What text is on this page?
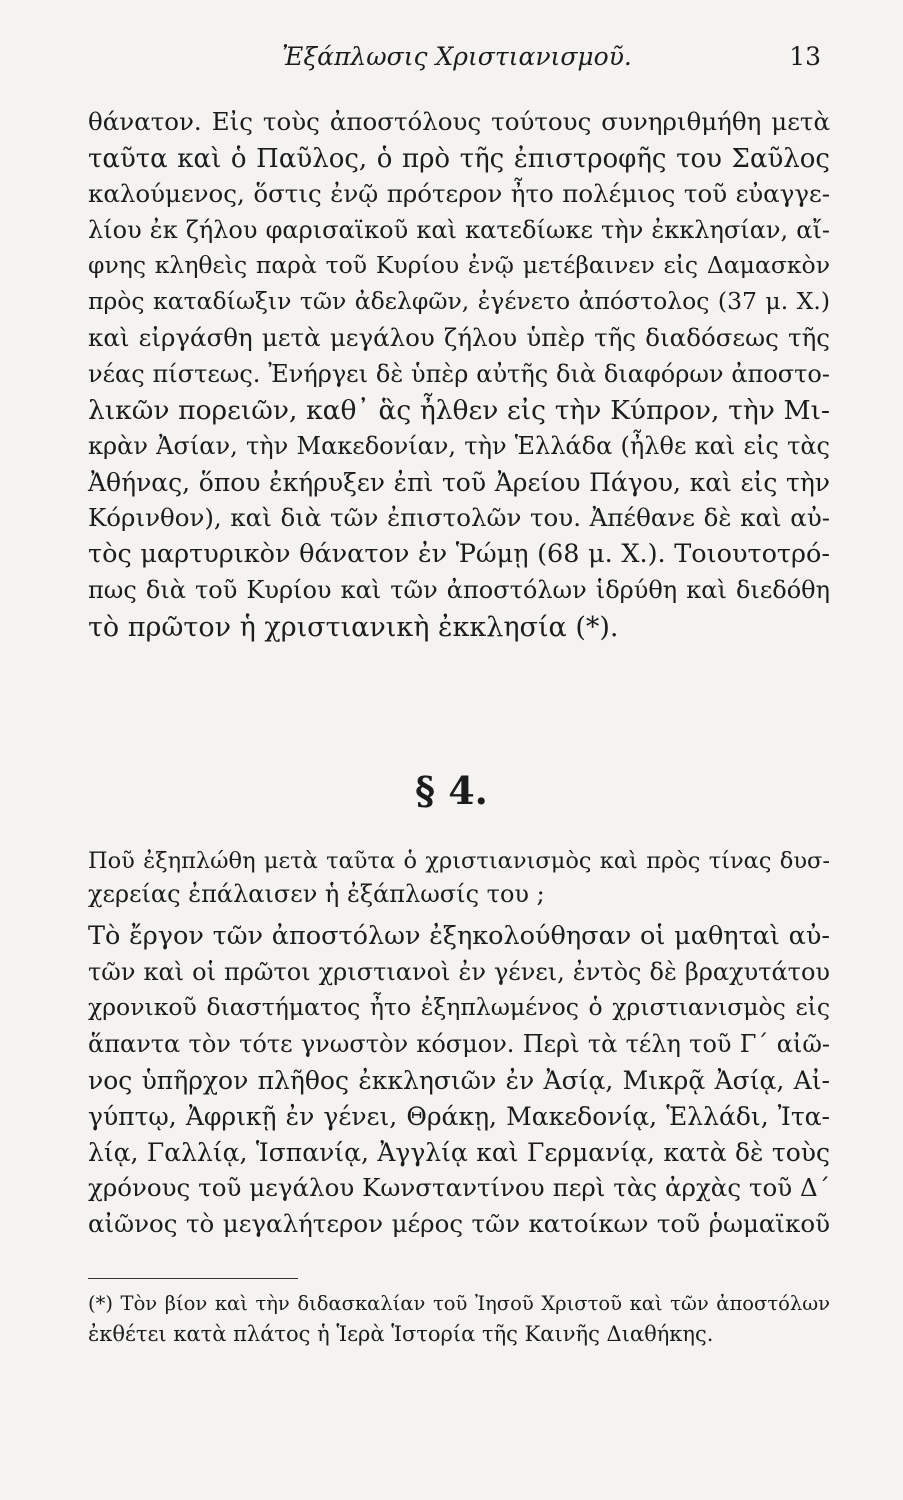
Ἐξάπλωσις Χριστιανισμοῦ.	13
θάνατον. Εἰς τοὺς ἀποστόλους τούτους συνηριθμήθη μετὰ
ταῦτα καὶ ὁ Παῦλος, ὁ πρὸ τῆς ἐπιστροφῆς του Σαῦλος
καλούμενος, ὅστις ἐνῷ πρότερον ἦτο πολέμιος τοῦ εὐαγγε-
λίου ἐκ ζήλου φαρισαϊκοῦ καὶ κατεδίωκε τὴν ἐκκλησίαν, αἴ-
φνης κληθεὶς παρὰ τοῦ Κυρίου ἐνῷ μετέβαινεν εἰς Δαμασκὸν
πρὸς καταδίωξιν τῶν ἀδελφῶν, ἐγένετο ἀπόστολος (37 μ. Χ.)
καὶ εἰργάσθη μετὰ μεγάλου ζήλου ὑπὲρ τῆς διαδόσεως τῆς
νέας πίστεως. Ἐνήργει δὲ ὑπὲρ αὐτῆς διὰ διαφόρων ἀποστο-
λικῶν πορειῶν, καθ᾽ ἃς ἦλθεν εἰς τὴν Κύπρον, τὴν Μι-
κρὰν Ἀσίαν, τὴν Μακεδονίαν, τὴν Ἑλλάδα (ἦλθε καὶ εἰς τὰς
Ἀθήνας, ὅπου ἐκήρυξεν ἐπὶ τοῦ Ἀρείου Πάγου, καὶ εἰς τὴν
Κόρινθον), καὶ διὰ τῶν ἐπιστολῶν του. Ἀπέθανε δὲ καὶ αὐ-
τὸς μαρτυρικὸν θάνατον ἐν Ῥώμῃ (68 μ. Χ.). Τοιουτοτρό-
πως διὰ τοῦ Κυρίου καὶ τῶν ἀποστόλων ἱδρύθη καὶ διεδόθη
τὸ πρῶτον ἡ χριστιανικὴ ἐκκλησία (*).
§ 4.
Ποῦ ἐξηπλώθη μετὰ ταῦτα ὁ χριστιανισμὸς καὶ πρὸς τίνας δυσ-
χερείας ἐπάλαισεν ἡ ἐξάπλωσίς του ;
Τὸ ἔργον τῶν ἀποστόλων ἐξηκολούθησαν οἱ μαθηταὶ αὐ-
τῶν καὶ οἱ πρῶτοι χριστιανοὶ ἐν γένει, ἐντὸς δὲ βραχυτάτου
χρονικοῦ διαστήματος ἦτο ἐξηπλωμένος ὁ χριστιανισμὸς εἰς
ἅπαντα τὸν τότε γνωστὸν κόσμον. Περὶ τὰ τέλη τοῦ Γ´ αἰῶ-
νος ὑπῆρχον πλῆθος ἐκκλησιῶν ἐν Ἀσίᾳ, Μικρᾷ Ἀσίᾳ, Αἰ-
γύπτῳ, Ἀφρικῇ ἐν γένει, Θράκῃ, Μακεδονίᾳ, Ἑλλάδι, Ἰτα-
λίᾳ, Γαλλίᾳ, Ἱσπανίᾳ, Ἀγγλίᾳ καὶ Γερμανίᾳ, κατὰ δὲ τοὺς
χρόνους τοῦ μεγάλου Κωνσταντίνου περὶ τὰς ἀρχὰς τοῦ Δ´
αἰῶνος τὸ μεγαλήτερον μέρος τῶν κατοίκων τοῦ ῥωμαϊκοῦ
(*) Τὸν βίον καὶ τὴν διδασκαλίαν τοῦ Ἰησοῦ Χριστοῦ καὶ τῶν ἀποστόλων
ἐκθέτει κατὰ πλάτος ἡ Ἱερὰ Ἱστορία τῆς Καινῆς Διαθήκης.
